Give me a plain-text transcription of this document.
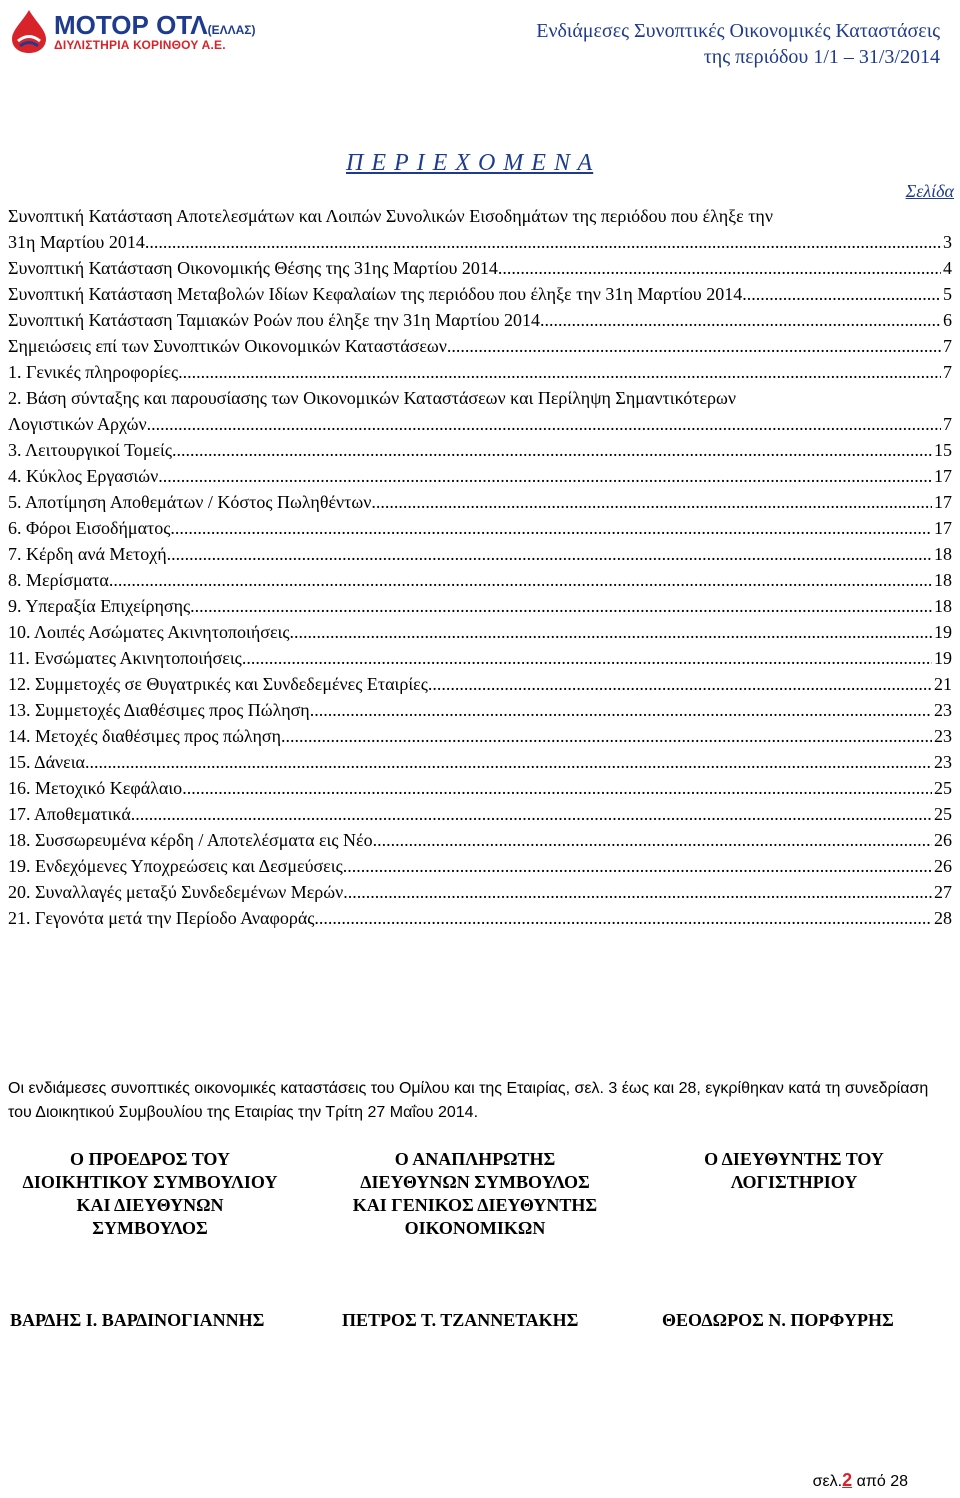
ΜΟΤΟΡ ΟΤΛ(ΕΛΛΑΣ)
ΔΙΥΛΙΣΤΗΡΙΑ ΚΟΡΙΝΘΟΥ Α.Ε.
Ενδιάμεσες Συνοπτικές Οικονομικές Καταστάσεις
της περιόδου 1/1 – 31/3/2014
Π Ε Ρ Ι Ε Χ Ο Μ Ε Ν Α
Σελίδα
Συνοπτική Κατάσταση Αποτελεσμάτων και Λοιπών Συνολικών Εισοδημάτων της περιόδου που έληξε την
31η Μαρτίου 2014 .....	3
Συνοπτική Κατάσταση Οικονομικής Θέσης της 31ης Μαρτίου 2014 .....	4
Συνοπτική Κατάσταση Μεταβολών Ιδίων Κεφαλαίων της περιόδου που έληξε την 31η Μαρτίου 2014 .....	5
Συνοπτική Κατάσταση Ταμιακών Ροών που έληξε την 31η Μαρτίου 2014 .....	6
Σημειώσεις επί των Συνοπτικών Οικονομικών Καταστάσεων .....	7
1. Γενικές πληροφορίες .....	7
2. Βάση σύνταξης και παρουσίασης των Οικονομικών Καταστάσεων και Περίληψη Σημαντικότερων
Λογιστικών Αρχών .....	7
3. Λειτουργικοί Τομείς .....	15
4. Κύκλος Εργασιών .....	17
5. Αποτίμηση Αποθεμάτων / Κόστος Πωληθέντων .....	17
6. Φόροι Εισοδήματος .....	17
7. Κέρδη ανά Μετοχή .....	18
8. Μερίσματα .....	18
9. Υπεραξία Επιχείρησης .....	18
10. Λοιπές Ασώματες Ακινητοποιήσεις .....	19
11. Ενσώματες Ακινητοποιήσεις .....	19
12. Συμμετοχές σε Θυγατρικές και Συνδεδεμένες Εταιρίες .....	21
13. Συμμετοχές Διαθέσιμες προς Πώληση .....	23
14. Μετοχές διαθέσιμες προς πώληση .....	23
15. Δάνεια .....	23
16. Μετοχικό Κεφάλαιο .....	25
17. Αποθεματικά .....	25
18. Συσσωρευμένα κέρδη / Αποτελέσματα εις Νέο .....	26
19. Ενδεχόμενες Υποχρεώσεις και Δεσμεύσεις .....	26
20. Συναλλαγές μεταξύ Συνδεδεμένων Μερών .....	27
21. Γεγονότα μετά την Περίοδο Αναφοράς .....	28
Οι ενδιάμεσες συνοπτικές οικονομικές καταστάσεις του Ομίλου και της Εταιρίας, σελ. 3 έως και 28, εγκρίθηκαν κατά τη συνεδρίαση του Διοικητικού Συμβουλίου της Εταιρίας την Τρίτη 27 Μαΐου 2014.
Ο ΠΡΟΕΔΡΟΣ ΤΟΥ
ΔΙΟΙΚΗΤΙΚΟΥ ΣΥΜΒΟΥΛΙΟΥ
ΚΑΙ ΔΙΕΥΘΥΝΩΝ
ΣΥΜΒΟΥΛΟΣ
Ο ΑΝΑΠΛΗΡΩΤΗΣ
ΔΙΕΥΘΥΝΩΝ ΣΥΜΒΟΥΛΟΣ
ΚΑΙ ΓΕΝΙΚΟΣ ΔΙΕΥΘΥΝΤΗΣ
ΟΙΚΟΝΟΜΙΚΩΝ
Ο ΔΙΕΥΘΥΝΤΗΣ ΤΟΥ
ΛΟΓΙΣΤΗΡΙΟΥ
ΒΑΡΔΗΣ Ι. ΒΑΡΔΙΝΟΓΙΑΝΝΗΣ	ΠΕΤΡΟΣ Τ. ΤΖΑΝΝΕΤΑΚΗΣ	ΘΕΟΔΩΡΟΣ Ν. ΠΟΡΦΥΡΗΣ
σελ.2 από 28
